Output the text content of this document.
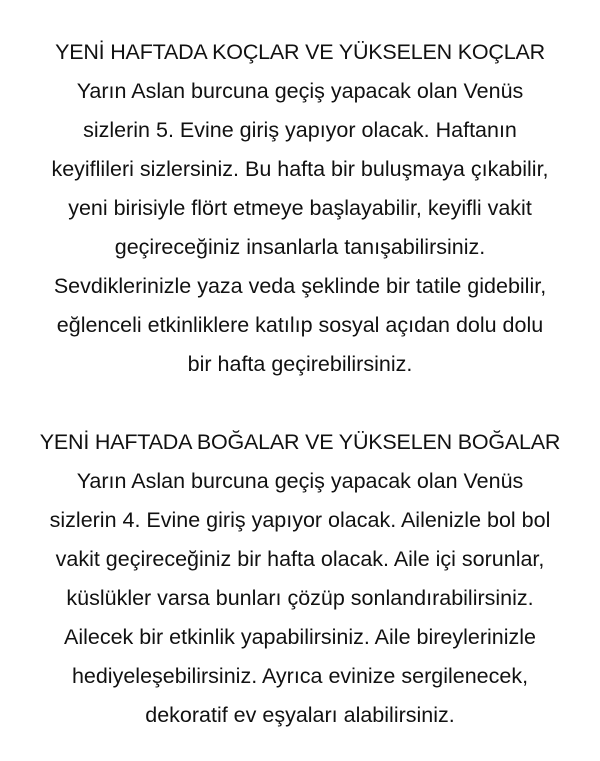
YENİ HAFTADA KOÇLAR VE YÜKSELEN KOÇLAR
Yarın Aslan burcuna geçiş yapacak olan Venüs
sizlerin 5. Evine giriş yapıyor olacak. Haftanın
keyiflileri sizlersiniz. Bu hafta bir buluşmaya çıkabilir,
yeni birisiyle flört etmeye başlayabilir, keyifli vakit
geçireceğiniz insanlarla tanışabilirsiniz.
Sevdiklerinizle yaza veda şeklinde bir tatile gidebilir,
eğlenceli etkinliklere katılıp sosyal açıdan dolu dolu
bir hafta geçirebilirsiniz.
YENİ HAFTADA BOĞALAR VE YÜKSELEN BOĞALAR
Yarın Aslan burcuna geçiş yapacak olan Venüs
sizlerin 4. Evine giriş yapıyor olacak. Ailenizle bol bol
vakit geçireceğiniz bir hafta olacak. Aile içi sorunlar,
küslükler varsa bunları çözüp sonlandırabilirsiniz.
Ailecek bir etkinlik yapabilirsiniz. Aile bireylerinizle
hediyeleşebilirsiniz. Ayrıca evinize sergilenecek,
dekoratif ev eşyaları alabilirsiniz.
